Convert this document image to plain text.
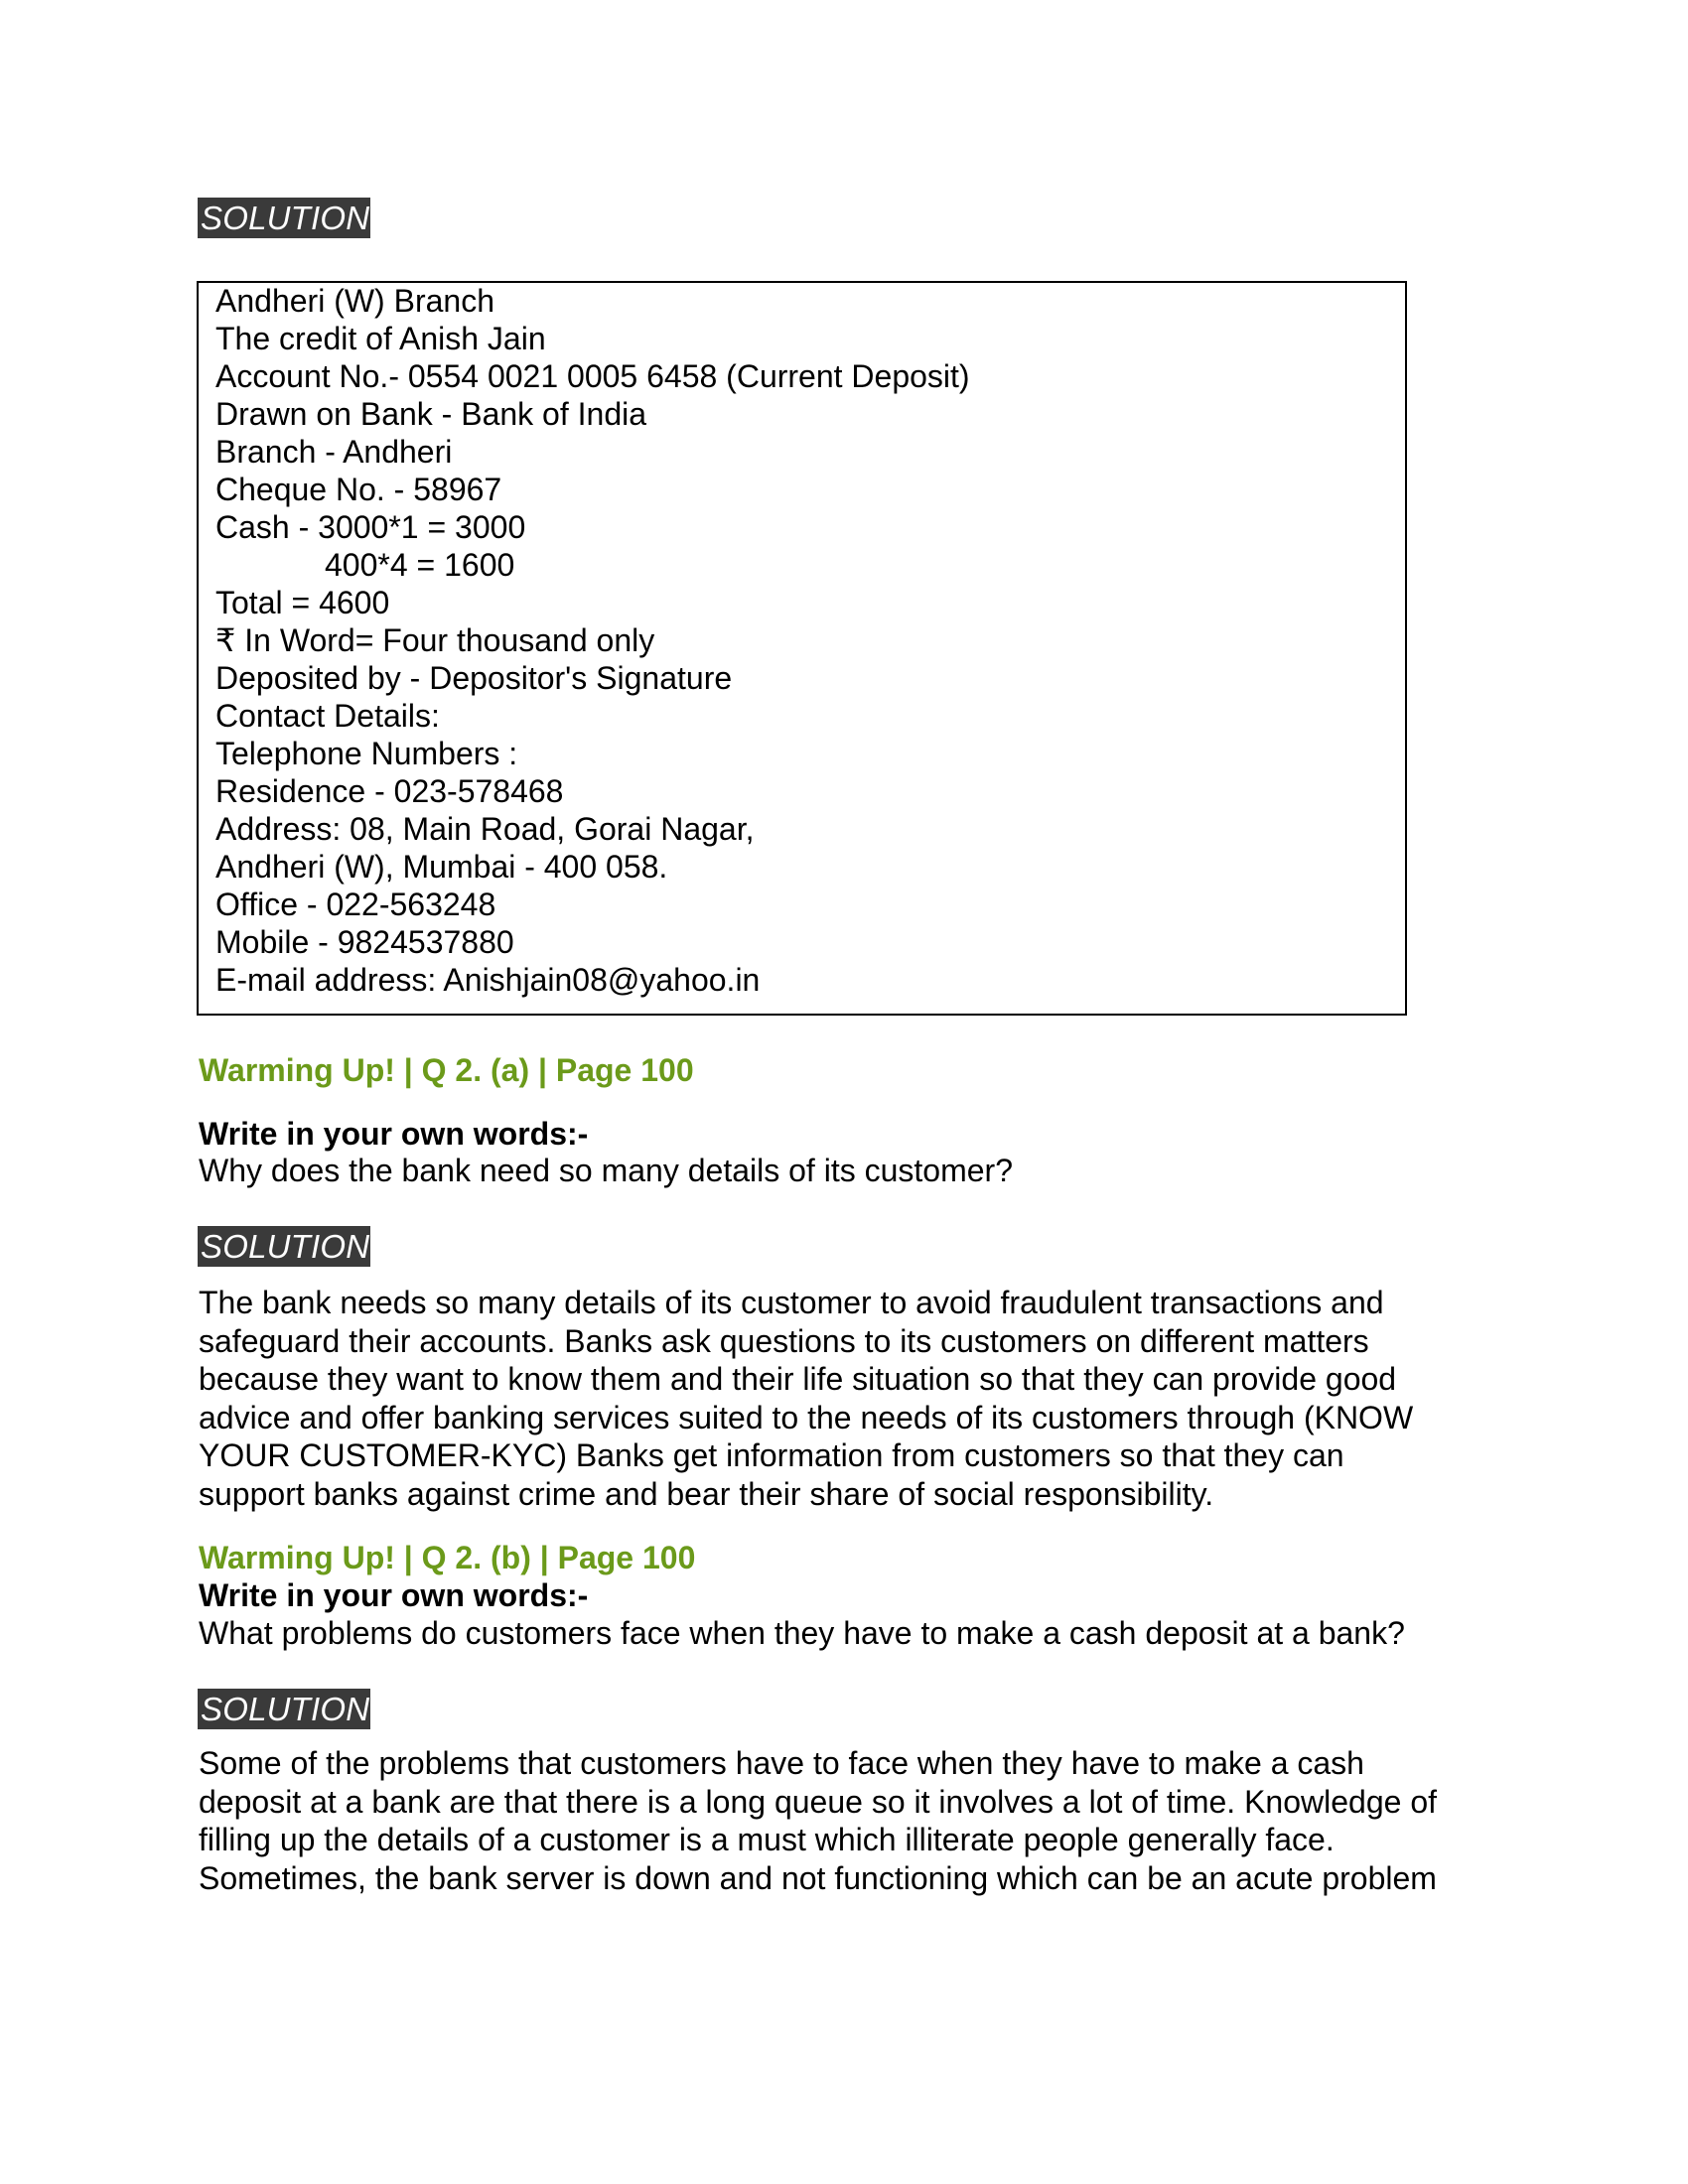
SOLUTION
Andheri (W) Branch
The credit of Anish Jain
Account No.- 0554 0021 0005 6458 (Current Deposit)
Drawn on Bank - Bank of India
Branch - Andheri
Cheque No. - 58967
Cash - 3000*1 = 3000
400*4 = 1600
Total = 4600
₹ In Word= Four thousand only
Deposited by - Depositor's Signature
Contact Details:
Telephone Numbers :
Residence - 023-578468
Address: 08, Main Road, Gorai Nagar,
Andheri (W), Mumbai - 400 058.
Office - 022-563248
Mobile - 9824537880
E-mail address: Anishjain08@yahoo.in
Warming Up! | Q 2. (a) | Page 100
Write in your own words:-
Why does the bank need so many details of its customer?
SOLUTION
The bank needs so many details of its customer to avoid fraudulent transactions and
safeguard their accounts. Banks ask questions to its customers on different matters
because they want to know them and their life situation so that they can provide good
advice and offer banking services suited to the needs of its customers through (KNOW
YOUR CUSTOMER-KYC) Banks get information from customers so that they can
support banks against crime and bear their share of social responsibility.
Warming Up! | Q 2. (b) | Page 100
Write in your own words:-
What problems do customers face when they have to make a cash deposit at a bank?
SOLUTION
Some of the problems that customers have to face when they have to make a cash
deposit at a bank are that there is a long queue so it involves a lot of time. Knowledge of
filling up the details of a customer is a must which illiterate people generally face.
Sometimes, the bank server is down and not functioning which can be an acute problem
